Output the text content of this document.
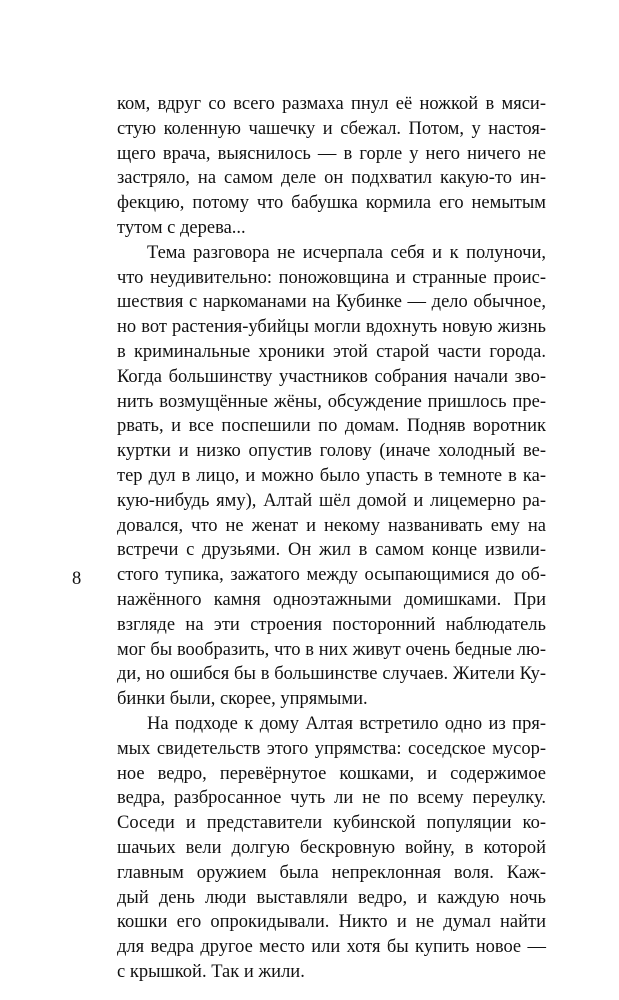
ком, вдруг со всего размаха пнул её ножкой в мяси-

стую коленную чашечку и сбежал. Потом, у настоя-

щего врача, выяснилось — в горле у него ничего не

застряло, на самом деле он подхватил какую-то ин-

фекцию, потому что бабушка кормила его немытым

тутом с дерева...

Тема разговора не исчерпала себя и к полуночи,

что неудивительно: поножовщина и странные проис-

шествия с наркоманами на Кубинке — дело обычное,

но вот растения-убийцы могли вдохнуть новую жизнь

в криминальные хроники этой старой части города.

Когда большинству участников собрания начали зво-

нить возмущённые жёны, обсуждение пришлось пре-

рвать, и все поспешили по домам. Подняв воротник

куртки и низко опустив голову (иначе холодный ве-

тер дул в лицо, и можно было упасть в темноте в ка-

кую-нибудь яму), Алтай шёл домой и лицемерно ра-

довался, что не женат и некому названивать ему на

встречи с друзьями. Он жил в самом конце извили-

стого тупика, зажатого между осыпающимися до об-

нажённого камня одноэтажными домишками. При

взгляде на эти строения посторонний наблюдатель

мог бы вообразить, что в них живут очень бедные лю-

ди, но ошибся бы в большинстве случаев. Жители Ку-

бинки были, скорее, упрямыми.

На подходе к дому Алтая встретило одно из пря-

мых свидетельств этого упрямства: соседское мусор-

ное ведро, перевёрнутое кошками, и содержимое

ведра, разбросанное чуть ли не по всему переулку.

Соседи и представители кубинской популяции ко-

шачьих вели долгую бескровную войну, в которой

главным оружием была непреклонная воля. Каж-

дый день люди выставляли ведро, и каждую ночь

кошки его опрокидывали. Никто и не думал найти

для ведра другое место или хотя бы купить новое —

с крышкой. Так и жили.

8
